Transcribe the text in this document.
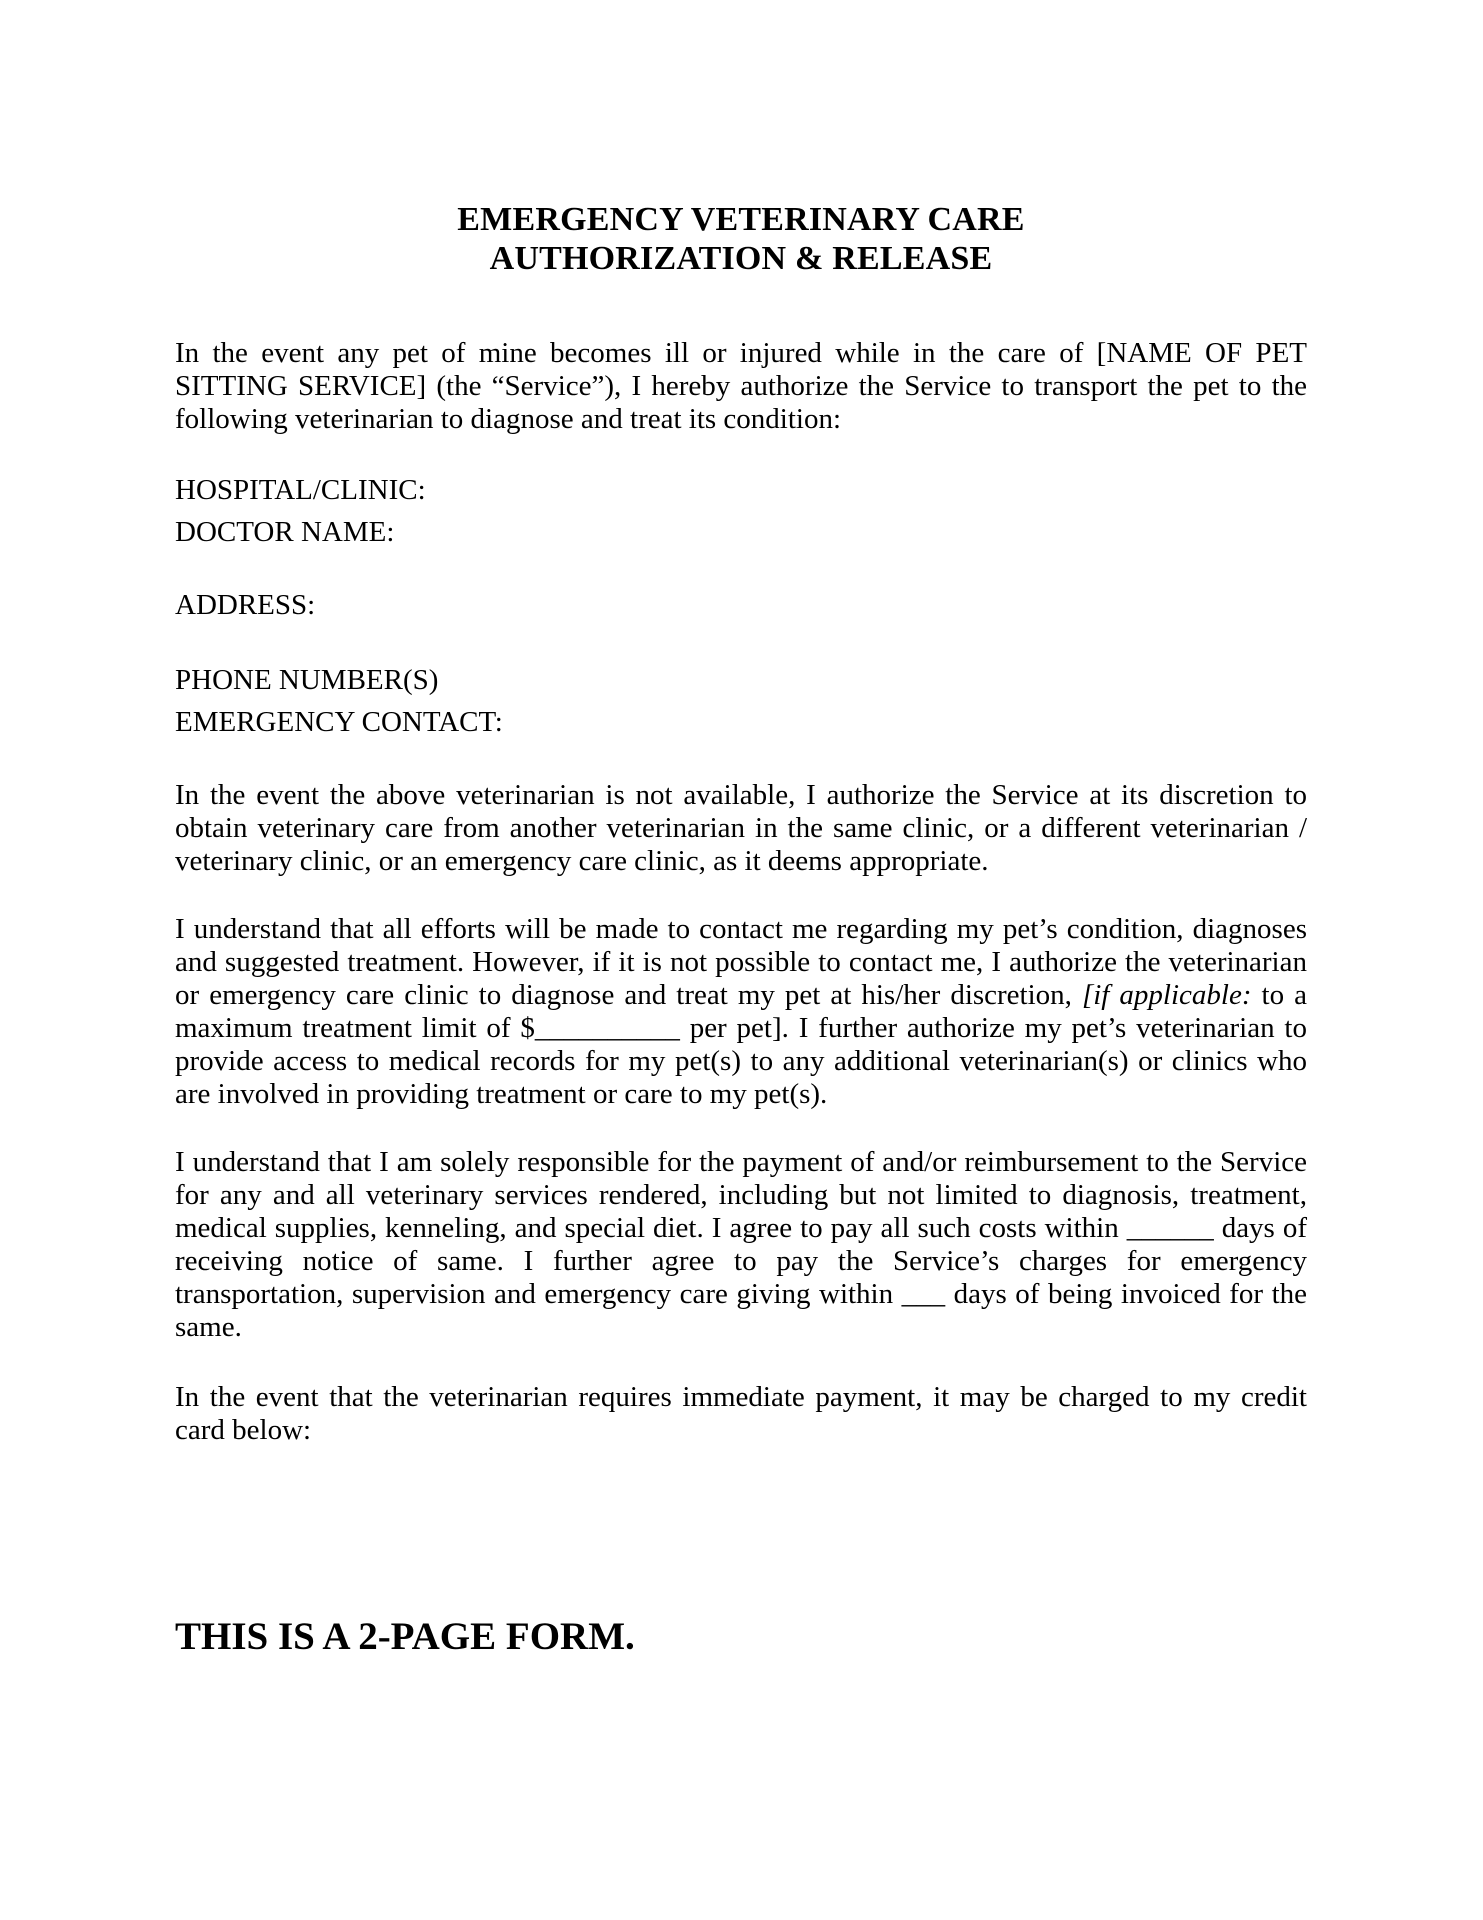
EMERGENCY VETERINARY CARE
AUTHORIZATION & RELEASE

In the event any pet of mine becomes ill or injured while in the care of [NAME OF PET SITTING SERVICE] (the “Service”), I hereby authorize the Service to transport the pet to the following veterinarian to diagnose and treat its condition:

HOSPITAL/CLINIC:

DOCTOR NAME:

ADDRESS:

PHONE NUMBER(S)

EMERGENCY CONTACT:

In the event the above veterinarian is not available, I authorize the Service at its discretion to obtain veterinary care from another veterinarian in the same clinic, or a different veterinarian / veterinary clinic, or an emergency care clinic, as it deems appropriate.

I understand that all efforts will be made to contact me regarding my pet’s condition, diagnoses and suggested treatment. However, if it is not possible to contact me, I authorize the veterinarian or emergency care clinic to diagnose and treat my pet at his/her discretion, [if applicable: to a maximum treatment limit of $__________ per pet]. I further authorize my pet’s veterinarian to provide access to medical records for my pet(s) to any additional veterinarian(s) or clinics who are involved in providing treatment or care to my pet(s).

I understand that I am solely responsible for the payment of and/or reimbursement to the Service for any and all veterinary services rendered, including but not limited to diagnosis, treatment, medical supplies, kenneling, and special diet. I agree to pay all such costs within ______ days of receiving notice of same. I further agree to pay the Service’s charges for emergency transportation, supervision and emergency care giving within ___ days of being invoiced for the same.

In the event that the veterinarian requires immediate payment, it may be charged to my credit card below:

THIS IS A 2-PAGE FORM.
